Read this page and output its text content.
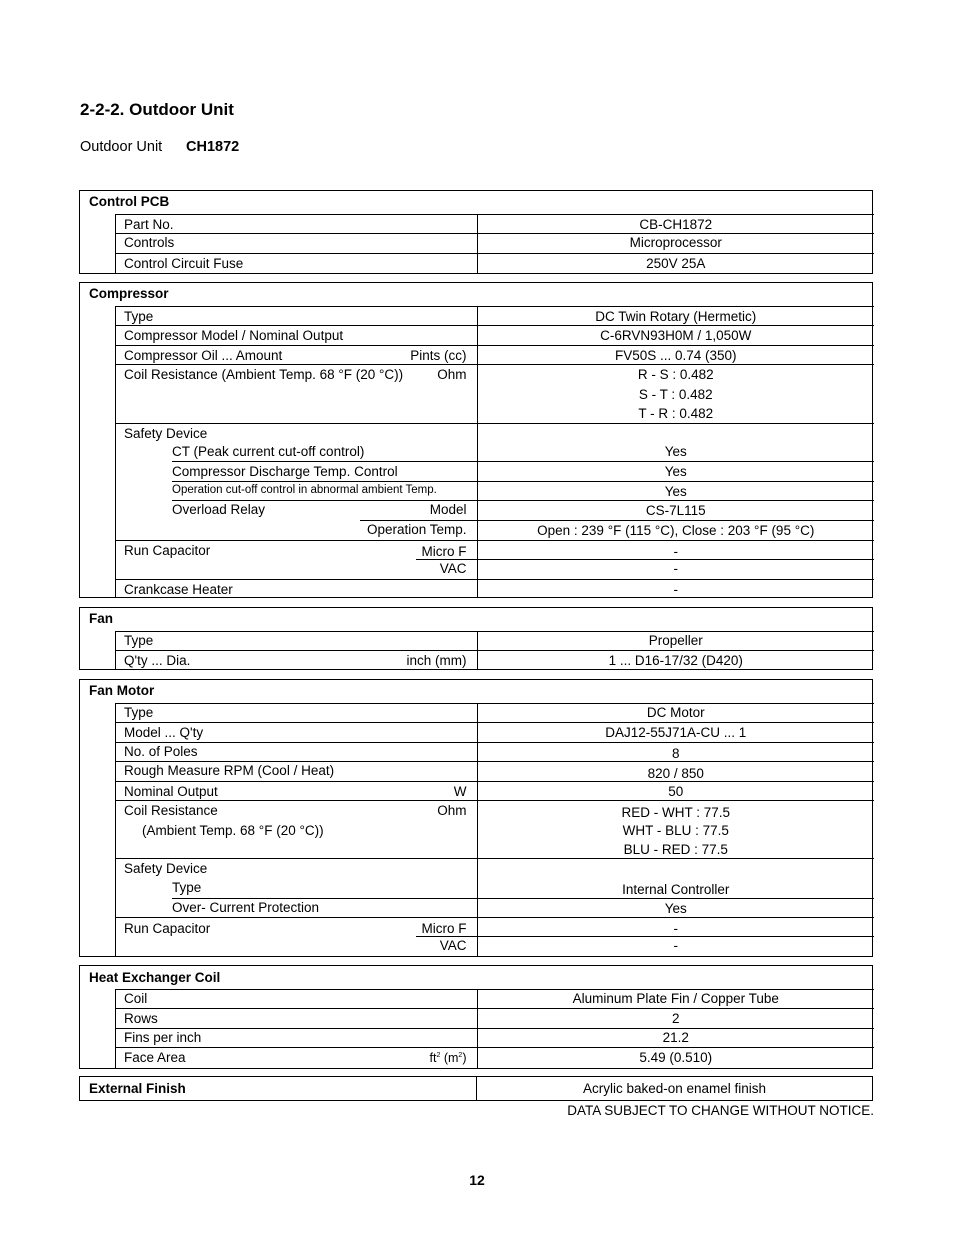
2-2-2. Outdoor Unit
Outdoor Unit CH1872
Control PCB
Part No.	CB-CH1872
Controls	Microprocessor
Control Circuit Fuse	250V 25A
Compressor
Type	DC Twin Rotary (Hermetic)
Compressor Model / Nominal Output	C-6RVN93H0M / 1,050W
Compressor Oil ... Amount	Pints (cc)	FV50S ... 0.74 (350)
Coil Resistance (Ambient Temp. 68 °F (20 °C))	Ohm	R - S : 0.482
S - T : 0.482
T - R : 0.482
Safety Device
CT (Peak current cut-off control)	Yes
Compressor Discharge Temp. Control	Yes
Operation cut-off control in abnormal ambient Temp.	Yes
Overload Relay	Model	CS-7L115
Operation Temp.	Open : 239 °F (115 °C), Close : 203 °F (95 °C)
Run Capacitor	Micro F	-
VAC	-
Crankcase Heater	-
Fan
Type	Propeller
Q'ty ... Dia.	inch (mm)	1 ... D16-17/32 (D420)
Fan Motor
Type	DC Motor
Model ... Q'ty	DAJ12-55J71A-CU ... 1
No. of Poles	8
Rough Measure RPM (Cool / Heat)	820 / 850
Nominal Output	W	50
Coil Resistance	Ohm
(Ambient Temp. 68 °F (20 °C))
RED - WHT : 77.5
WHT - BLU : 77.5
BLU - RED : 77.5
Safety Device
Type	Internal Controller
Over- Current Protection	Yes
Run Capacitor	Micro F	-
VAC	-
Heat Exchanger Coil
Coil	Aluminum Plate Fin / Copper Tube
Rows	2
Fins per inch	21.2
Face Area	$ft^2$ $(m^2)$	5.49 (0.510)
External Finish	Acrylic baked-on enamel finish
DATA SUBJECT TO CHANGE WITHOUT NOTICE.
12
